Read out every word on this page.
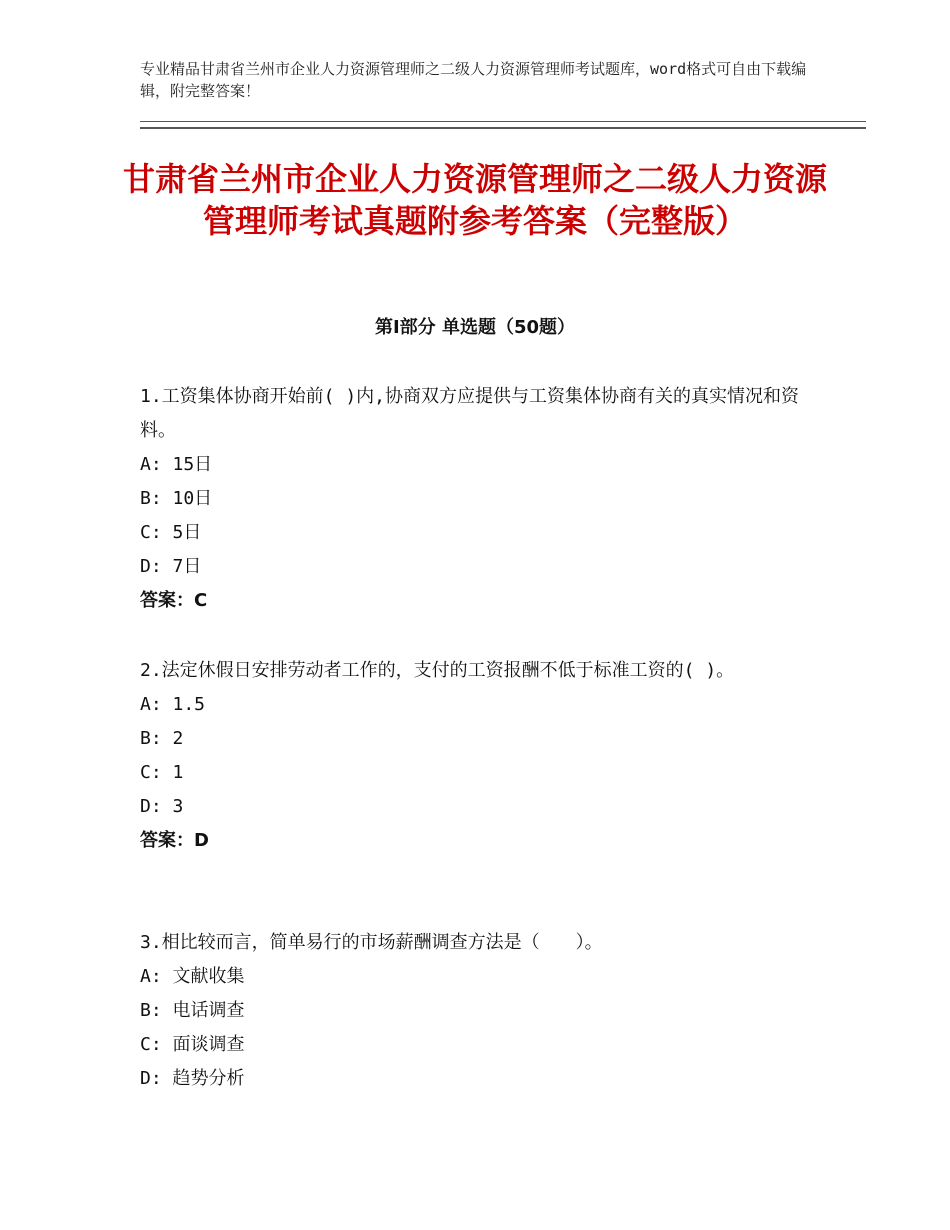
专业精品甘肃省兰州市企业人力资源管理师之二级人力资源管理师考试题库，word格式可自由下载编辑，附完整答案！
甘肃省兰州市企业人力资源管理师之二级人力资源管理师考试真题附参考答案（完整版）
第Ⅰ部分 单选题（50题）
1.工资集体协商开始前( )内,协商双方应提供与工资集体协商有关的真实情况和资料。
A: 15日
B: 10日
C: 5日
D: 7日
答案：C
2.法定休假日安排劳动者工作的，支付的工资报酬不低于标准工资的( )。
A: 1.5
B: 2
C: 1
D: 3
答案：D
3.相比较而言，简单易行的市场薪酬调查方法是（　　）。
A: 文献收集
B: 电话调查
C: 面谈调查
D: 趋势分析
